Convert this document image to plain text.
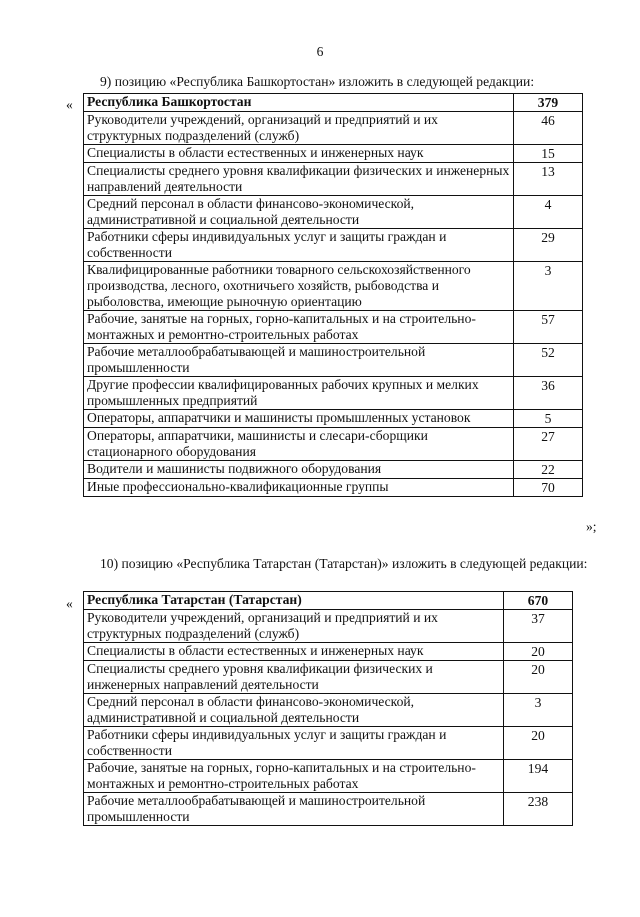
6
9) позицию «Республика Башкортостан» изложить в следующей редакции:
« Республика Башкортостан	379
Руководители учреждений, организаций и предприятий и их структурных подразделений (служб)	46
Специалисты в области естественных и инженерных наук	15
Специалисты среднего уровня квалификации физических и инженерных направлений деятельности	13
Средний персонал в области финансово-экономической, административной и социальной деятельности	4
Работники сферы индивидуальных услуг и защиты граждан и собственности	29
Квалифицированные работники товарного сельскохозяйственного производства, лесного, охотничьего хозяйств, рыбоводства и рыболовства, имеющие рыночную ориентацию	3
Рабочие, занятые на горных, горно-капитальных и на строительно-монтажных и ремонтно-строительных работах	57
Рабочие металлообрабатывающей и машиностроительной промышленности	52
Другие профессии квалифицированных рабочих крупных и мелких промышленных предприятий	36
Операторы, аппаратчики и машинисты промышленных установок	5
Операторы, аппаратчики, машинисты и слесари-сборщики стационарного оборудования	27
Водители и машинисты подвижного оборудования	22
Иные профессионально-квалификационные группы	70
»;
10) позицию «Республика Татарстан (Татарстан)» изложить в следующей редакции:
« Республика Татарстан (Татарстан)	670
Руководители учреждений, организаций и предприятий и их структурных подразделений (служб)	37
Специалисты в области естественных и инженерных наук	20
Специалисты среднего уровня квалификации физических и инженерных направлений деятельности	20
Средний персонал в области финансово-экономической, административной и социальной деятельности	3
Работники сферы индивидуальных услуг и защиты граждан и собственности	20
Рабочие, занятые на горных, горно-капитальных и на строительно-монтажных и ремонтно-строительных работах	194
Рабочие металлообрабатывающей и машиностроительной промышленности	238
